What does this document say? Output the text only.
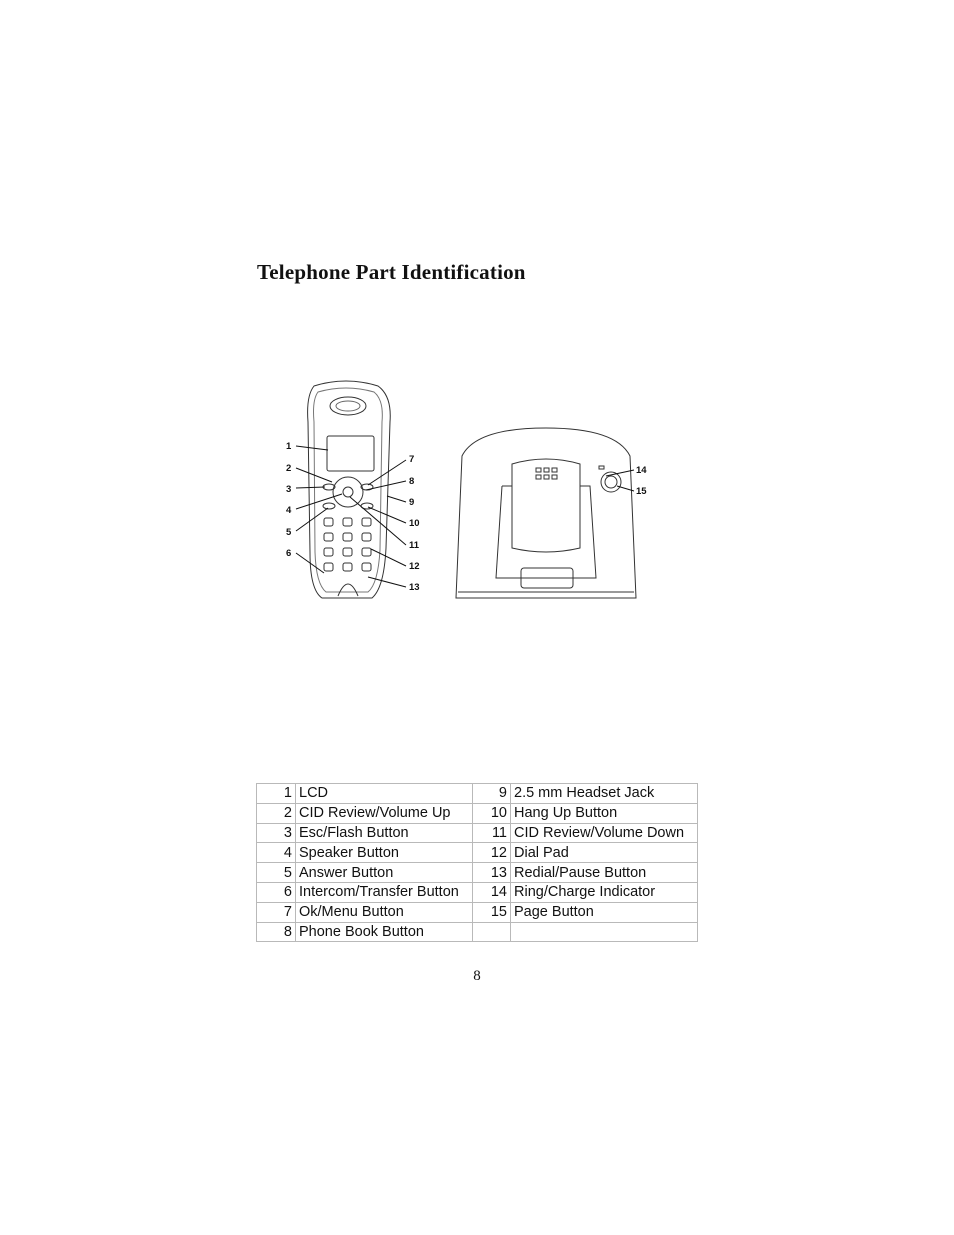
Telephone Part Identification
1
2
3
4
5
6
7
8
9
10
11
12
13
14
15
1	LCD	9	2.5 mm Headset Jack
2	CID Review/Volume Up	10	Hang Up Button
3	Esc/Flash Button	11	CID Review/Volume Down
4	Speaker Button	12	Dial Pad
5	Answer Button	13	Redial/Pause Button
6	Intercom/Transfer Button	14	Ring/Charge Indicator
7	Ok/Menu Button	15	Page Button
8	Phone Book Button		
8
